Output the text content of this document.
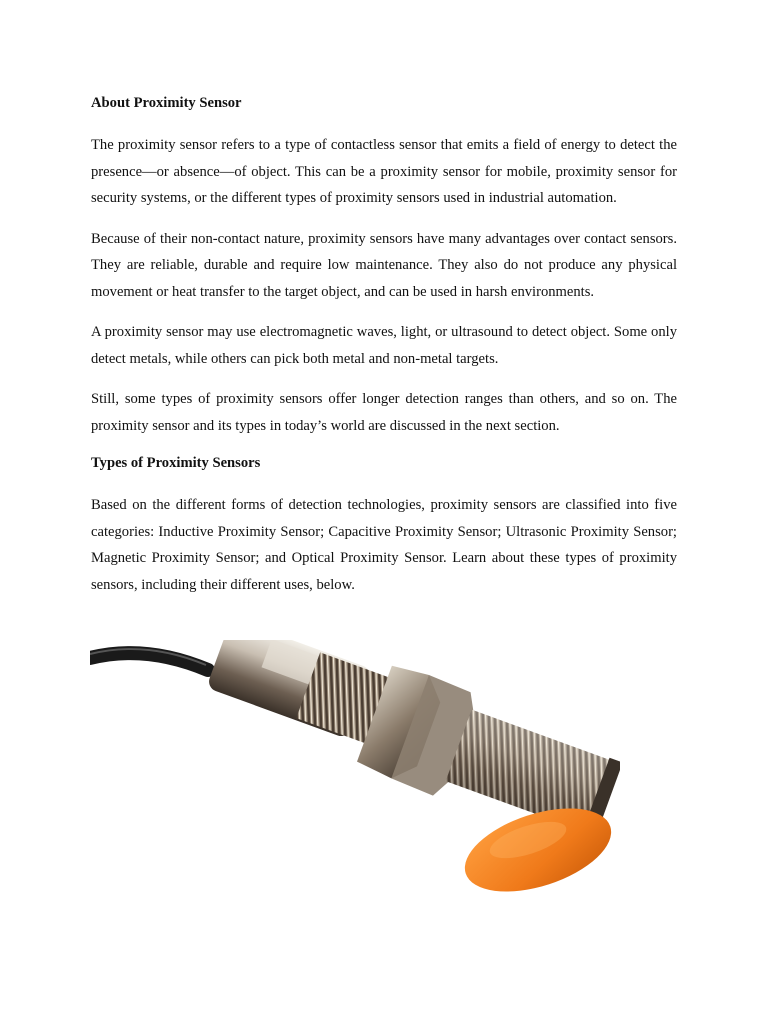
About Proximity Sensor

The proximity sensor refers to a type of contactless sensor that emits a field of energy to detect the presence—or absence—of object. This can be a proximity sensor for mobile, proximity sensor for security systems, or the different types of proximity sensors used in industrial automation.

Because of their non-contact nature, proximity sensors have many advantages over contact sensors. They are reliable, durable and require low maintenance. They also do not produce any physical movement or heat transfer to the target object, and can be used in harsh environments.

A proximity sensor may use electromagnetic waves, light, or ultrasound to detect object. Some only detect metals, while others can pick both metal and non-metal targets.

Still, some types of proximity sensors offer longer detection ranges than others, and so on. The proximity sensor and its types in today’s world are discussed in the next section.

Types of Proximity Sensors

Based on the different forms of detection technologies, proximity sensors are classified into five categories: Inductive Proximity Sensor; Capacitive Proximity Sensor; Ultrasonic Proximity Sensor; Magnetic Proximity Sensor; and Optical Proximity Sensor. Learn about these types of proximity sensors, including their different uses, below.
